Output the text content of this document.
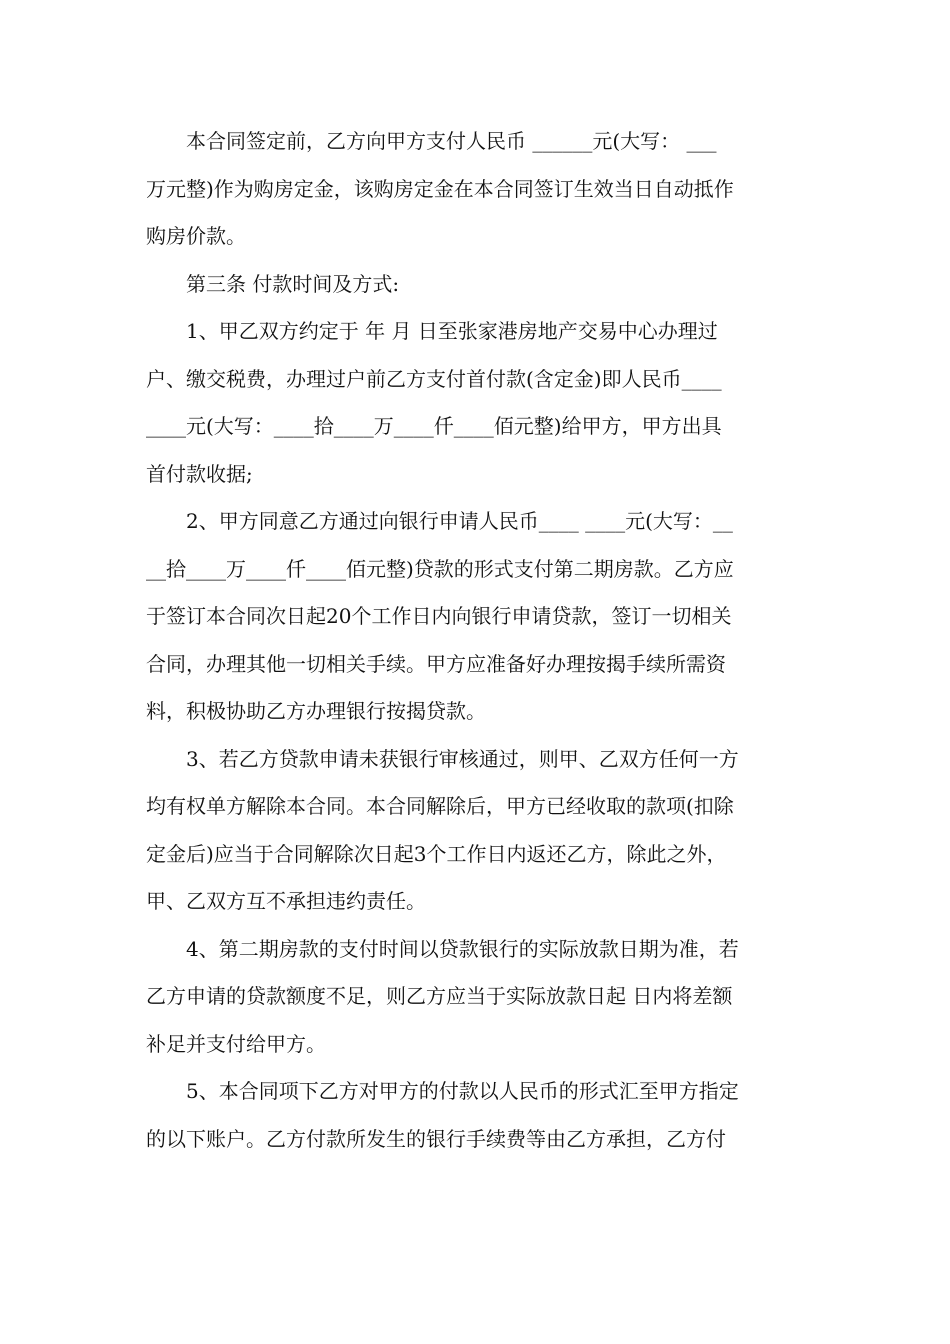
本合同签定前，乙方向甲方支付人民币 ______元(大写： ___
万元整)作为购房定金，该购房定金在本合同签订生效当日自动抵作
购房价款。
第三条 付款时间及方式:
1、甲乙双方约定于 年 月 日至张家港房地产交易中心办理过
户、缴交税费，办理过户前乙方支付首付款(含定金)即人民币____
____元(大写：____拾____万____仟____佰元整)给甲方，甲方出具
首付款收据;
2、甲方同意乙方通过向银行申请人民币____ ____元(大写：__
__拾____万____仟____佰元整)贷款的形式支付第二期房款。乙方应
于签订本合同次日起20个工作日内向银行申请贷款，签订一切相关
合同，办理其他一切相关手续。甲方应准备好办理按揭手续所需资
料，积极协助乙方办理银行按揭贷款。
3、若乙方贷款申请未获银行审核通过，则甲、乙双方任何一方
均有权单方解除本合同。本合同解除后，甲方已经收取的款项(扣除
定金后)应当于合同解除次日起3个工作日内返还乙方，除此之外，
甲、乙双方互不承担违约责任。
4、第二期房款的支付时间以贷款银行的实际放款日期为准，若
乙方申请的贷款额度不足，则乙方应当于实际放款日起 日内将差额
补足并支付给甲方。
5、本合同项下乙方对甲方的付款以人民币的形式汇至甲方指定
的以下账户。乙方付款所发生的银行手续费等由乙方承担，乙方付
